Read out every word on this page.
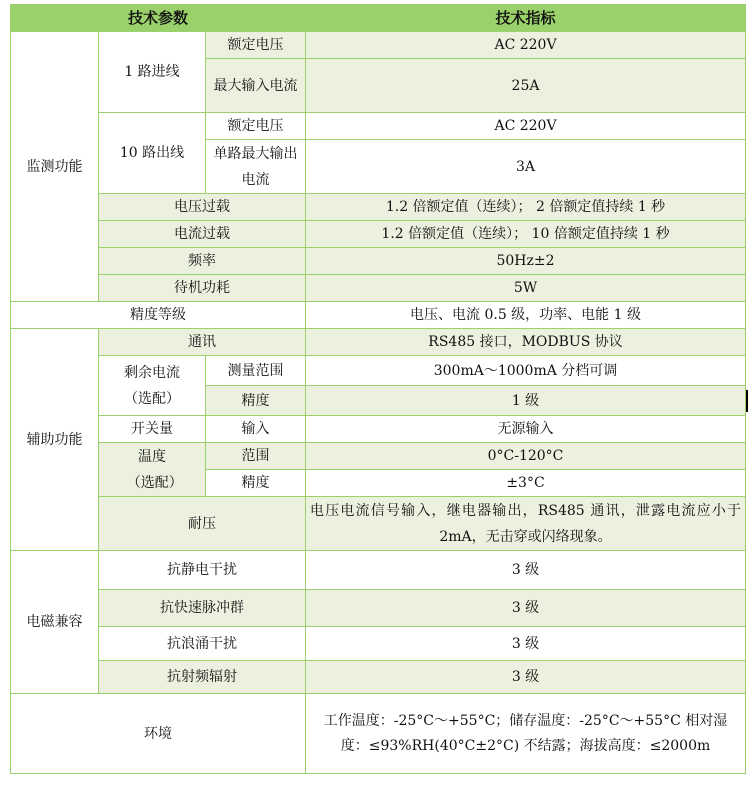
技术参数			技术指标
监测功能	1 路进线	额定电压	AC 220V
		最大输入电流	25A
	10 路出线	额定电压	AC 220V
		单路最大输出电流	3A
	电压过载		1.2 倍额定值（连续）； 2 倍额定值持续 1 秒
	电流过载		1.2 倍额定值（连续）； 10 倍额定值持续 1 秒
	频率		50Hz±2
	待机功耗		5W
精度等级			电压、电流 0.5 级，功率、电能 1 级
辅助功能	通讯		RS485 接口，MODBUS 协议
	剩余电流（选配）	测量范围	300mA～1000mA 分档可调
		精度	1 级
	开关量	输入	无源输入
	温度（选配）	范围	0°C-120°C
		精度	±3°C
	耐压		电压电流信号输入，继电器输出，RS485 通讯，泄露电流应小于 2mA，无击穿或闪络现象。
电磁兼容	抗静电干扰		3 级
	抗快速脉冲群		3 级
	抗浪涌干扰		3 级
	抗射频辐射		3 级
环境			工作温度：-25°C～+55°C；储存温度：-25°C～+55°C 相对湿度：≤93%RH(40°C±2°C) 不结露；海拔高度：≤2000m
